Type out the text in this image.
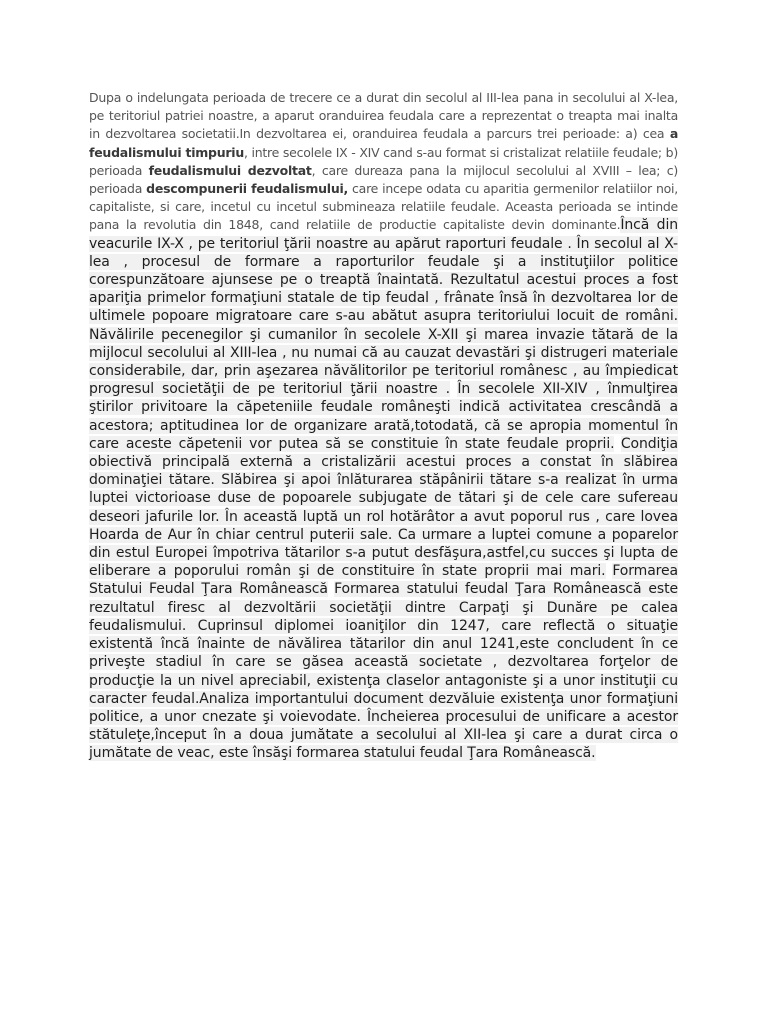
Dupa o indelungata perioada de trecere ce a durat din secolul al III-lea pana in secolului al X-lea, pe teritoriul patriei noastre, a aparut oranduirea feudala care a reprezentat o treapta mai inalta in dezvoltarea societatii.In dezvoltarea ei, oranduirea feudala a parcurs trei perioade: a) cea a feudalismului timpuriu, intre secolele IX - XIV cand s-au format si cristalizat relatiile feudale; b) perioada feudalismului dezvoltat, care dureaza pana la mijlocul secolului al XVIII – lea; c) perioada descompunerii feudalismului, care incepe odata cu aparitia germenilor relatiilor noi, capitaliste, si care, incetul cu incetul submineaza relatiile feudale. Aceasta perioada se intinde pana la revolutia din 1848, cand relatiile de productie capitaliste devin dominante.Încă din veacurile IX-X , pe teritoriul ţării noastre au apărut raporturi feudale . În secolul al X-lea , procesul de formare a raporturilor feudale şi a instituţiilor politice corespunzătoare ajunsese pe o treaptă înaintată. Rezultatul acestui proces a fost apariţia primelor formaţiuni statale de tip feudal , frânate însă în dezvoltarea lor de ultimele popoare migratoare care s-au abătut asupra teritoriului locuit de români. Năvălirile pecenegilor şi cumanilor în secolele X-XII şi marea invazie tătară de la mijlocul secolului al XIII-lea , nu numai că au cauzat devastări şi distrugeri materiale considerabile, dar, prin aşezarea năvălitorilor pe teritoriul românesc , au împiedicat progresul societăţii de pe teritoriul ţării noastre . În secolele XII-XIV , înmulţirea ştirilor privitoare la căpeteniile feudale româneşti indică activitatea crescândă a acestora; aptitudinea lor de organizare arată,totodată, că se apropia momentul în care aceste căpetenii vor putea să se constituie în state feudale proprii. Condiţia obiectivă principală externă a cristalizării acestui proces a constat în slăbirea dominaţiei tătare. Slăbirea şi apoi înlăturarea stăpânirii tătare s-a realizat în urma luptei victorioase duse de popoarele subjugate de tătari şi de cele care sufereau deseori jafurile lor. În această luptă un rol hotărâtor a avut poporul rus , care lovea Hoarda de Aur în chiar centrul puterii sale. Ca urmare a luptei comune a poparelor din estul Europei împotriva tătarilor s-a putut desfăşura,astfel,cu succes şi lupta de eliberare a poporului român şi de constituire în state proprii mai mari. Formarea Statului Feudal Ţara Românească Formarea statului feudal Ţara Românească este rezultatul firesc al dezvoltării societăţii dintre Carpaţi şi Dunăre pe calea feudalismului. Cuprinsul diplomei ioaniţilor din 1247, care reflectă o situaţie existentă încă înainte de năvălirea tătarilor din anul 1241,este concludent în ce priveşte stadiul în care se găsea această societate , dezvoltarea forţelor de producţie la un nivel apreciabil, existenţa claselor antagoniste şi a unor instituţii cu caracter feudal.Analiza importantului document dezvăluie existenţa unor formaţiuni politice, a unor cnezate şi voievodate. Încheierea procesului de unificare a acestor stătuleţe,început în a doua jumătate a secolului al XII-lea şi care a durat circa o jumătate de veac, este însăşi formarea statului feudal Ţara Românească.
